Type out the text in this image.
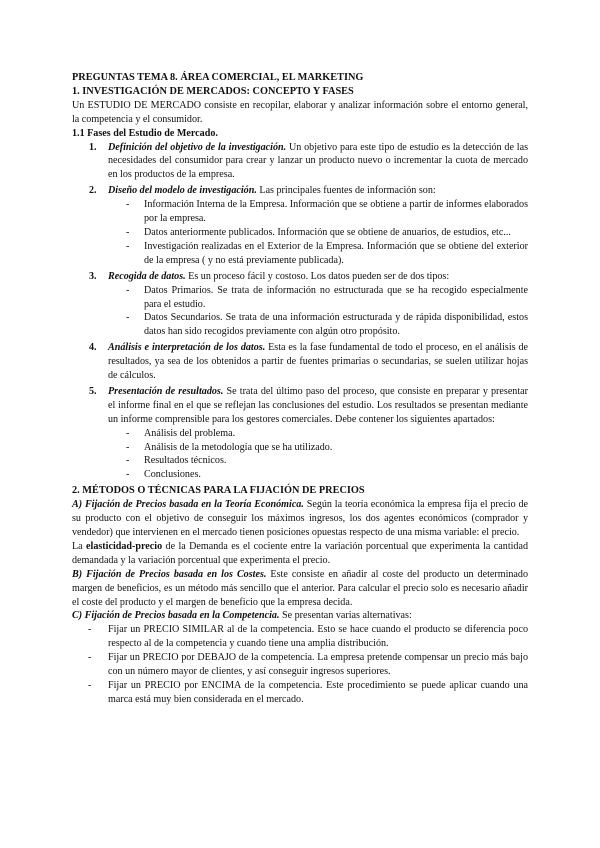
PREGUNTAS TEMA 8. ÁREA COMERCIAL, EL MARKETING

1. INVESTIGACIÓN DE MERCADOS: CONCEPTO Y FASES

Un ESTUDIO DE MERCADO consiste en recopilar, elaborar y analizar información sobre el entorno general, la competencia y el consumidor.

1.1 Fases del Estudio de Mercado.

1. Definición del objetivo de la investigación. Un objetivo para este tipo de estudio es la detección de las necesidades del consumidor para crear y lanzar un producto nuevo o incrementar la cuota de mercado en los productos de la empresa.
2. Diseño del modelo de investigación. Las principales fuentes de información son:
- Información Interna de la Empresa. Información que se obtiene a partir de informes elaborados por la empresa.
- Datos anteriormente publicados. Información que se obtiene de anuarios, de estudios, etc...
- Investigación realizadas en el Exterior de la Empresa. Información que se obtiene del exterior de la empresa ( y no está previamente publicada).
3. Recogida de datos. Es un proceso fácil y costoso. Los datos pueden ser de dos tipos:
- Datos Primarios. Se trata de información no estructurada que se ha recogido especialmente para el estudio.
- Datos Secundarios. Se trata de una información estructurada y de rápida disponibilidad, estos datos han sido recogidos previamente con algún otro propósito.
4. Análisis e interpretación de los datos. Esta es la fase fundamental de todo el proceso, en el análisis de resultados, ya sea de los obtenidos a partir de fuentes primarias o secundarias, se suelen utilizar hojas de cálculos.
5. Presentación de resultados. Se trata del último paso del proceso, que consiste en preparar y presentar el informe final en el que se reflejan las conclusiones del estudio. Los resultados se presentan mediante un informe comprensible para los gestores comerciales. Debe contener los siguientes apartados:
- Análisis del problema.
- Análisis de la metodología que se ha utilizado.
- Resultados técnicos.
- Conclusiones.

2. MÉTODOS O TÉCNICAS PARA LA FIJACIÓN DE PRECIOS

A) Fijación de Precios basada en la Teoría Económica. Según la teoría económica la empresa fija el precio de su producto con el objetivo de conseguir los máximos ingresos, los dos agentes económicos (comprador y vendedor) que intervienen en el mercado tienen posiciones opuestas respecto de una misma variable: el precio.

La elasticidad-precio de la Demanda es el cociente entre la variación porcentual que experimenta la cantidad demandada y la variación porcentual que experimenta el precio.

B) Fijación de Precios basada en los Costes. Este consiste en añadir al coste del producto un determinado margen de beneficios, es un método más sencillo que el anterior. Para calcular el precio solo es necesario añadir el coste del producto y el margen de beneficio que la empresa decida.

C) Fijación de Precios basada en la Competencia. Se presentan varias alternativas:

- Fijar un PRECIO SIMILAR al de la competencia. Esto se hace cuando el producto se diferencia poco respecto al de la competencia y cuando tiene una amplia distribución.
- Fijar un PRECIO por DEBAJO de la competencia. La empresa pretende compensar un precio más bajo con un número mayor de clientes, y así conseguir ingresos superiores.
- Fijar un PRECIO por ENCIMA de la competencia. Este procedimiento se puede aplicar cuando una marca está muy bien considerada en el mercado.
